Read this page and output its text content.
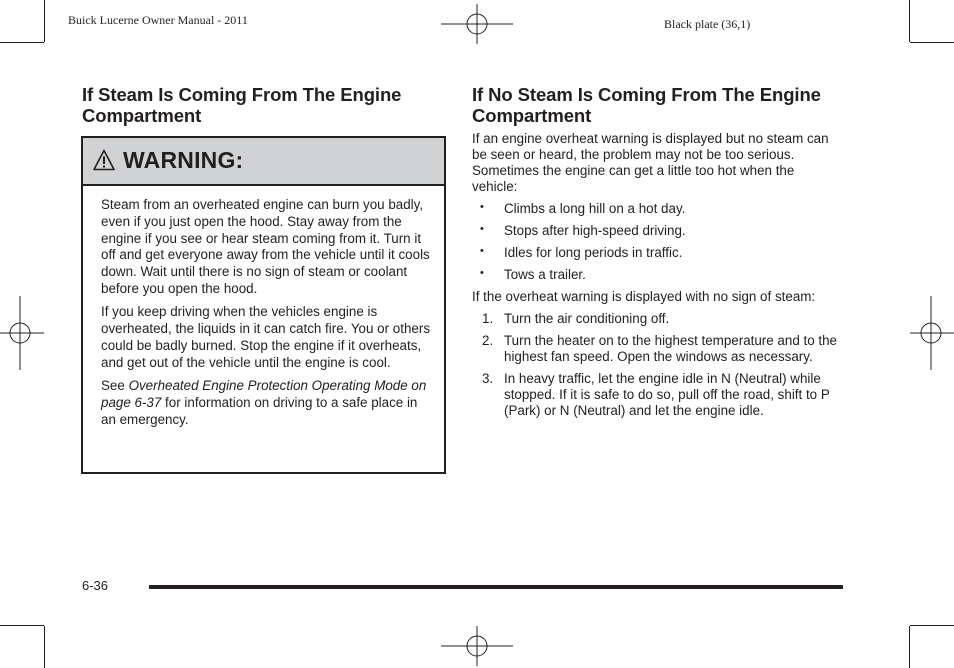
Buick Lucerne Owner Manual - 2011	Black plate (36,1)
If Steam Is Coming From The Engine Compartment
WARNING:

Steam from an overheated engine can burn you badly, even if you just open the hood. Stay away from the engine if you see or hear steam coming from it. Turn it off and get everyone away from the vehicle until it cools down. Wait until there is no sign of steam or coolant before you open the hood.

If you keep driving when the vehicles engine is overheated, the liquids in it can catch fire. You or others could be badly burned. Stop the engine if it overheats, and get out of the vehicle until the engine is cool.

See Overheated Engine Protection Operating Mode on page 6-37 for information on driving to a safe place in an emergency.

If No Steam Is Coming From The Engine Compartment

If an engine overheat warning is displayed but no steam can be seen or heard, the problem may not be too serious. Sometimes the engine can get a little too hot when the vehicle:

• Climbs a long hill on a hot day.
• Stops after high-speed driving.
• Idles for long periods in traffic.
• Tows a trailer.

If the overheat warning is displayed with no sign of steam:

1. Turn the air conditioning off.
2. Turn the heater on to the highest temperature and to the highest fan speed. Open the windows as necessary.
3. In heavy traffic, let the engine idle in N (Neutral) while stopped. If it is safe to do so, pull off the road, shift to P (Park) or N (Neutral) and let the engine idle.
6-36
